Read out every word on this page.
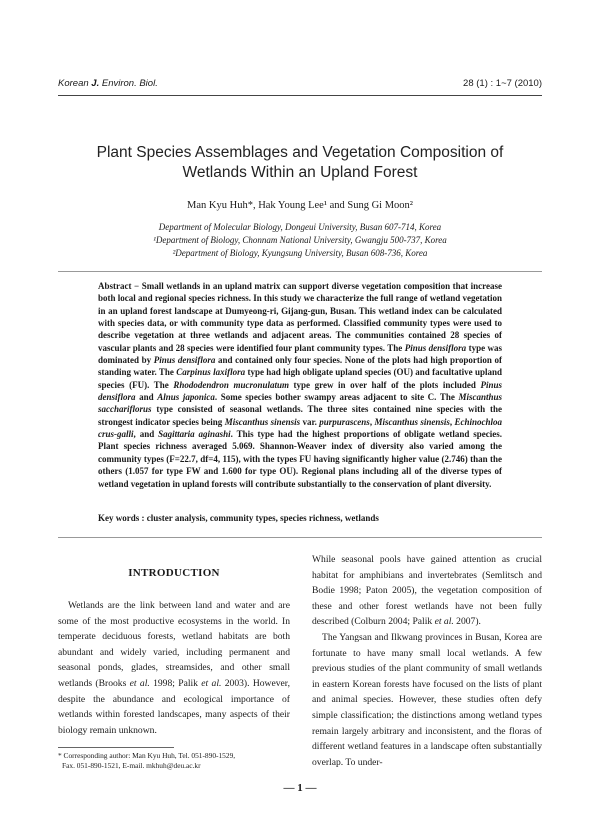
Korean J. Environ. Biol.	28 (1) : 1~7 (2010)
Plant Species Assemblages and Vegetation Composition of
Wetlands Within an Upland Forest
Man Kyu Huh*, Hak Young Lee¹ and Sung Gi Moon²
Department of Molecular Biology, Dongeui University, Busan 607-714, Korea
¹Department of Biology, Chonnam National University, Gwangju 500-737, Korea
²Department of Biology, Kyungsung University, Busan 608-736, Korea
Abstract − Small wetlands in an upland matrix can support diverse vegetation composition that increase both local and regional species richness. In this study we characterize the full range of wetland vegetation in an upland forest landscape at Dumyeong-ri, Gijang-gun, Busan. This wetland index can be calculated with species data, or with community type data as performed. Classified community types were used to describe vegetation at three wetlands and adjacent areas. The communities contained 28 species of vascular plants and 28 species were identified four plant community types. The Pinus densiflora type was dominated by Pinus densiflora and contained only four species. None of the plots had high proportion of standing water. The Carpinus laxiflora type had high obligate upland species (OU) and facultative upland species (FU). The Rhododendron mucronulatum type grew in over half of the plots included Pinus densiflora and Alnus japonica. Some species bother swampy areas adjacent to site C. The Miscanthus sacchariflorus type consisted of seasonal wetlands. The three sites contained nine species with the strongest indicator species being Miscanthus sinensis var. purpurascens, Miscanthus sinensis, Echinochloa crus-galli, and Sagittaria aginashi. This type had the highest proportions of obligate wetland species. Plant species richness averaged 5.069. Shannon-Weaver index of diversity also varied among the community types (F=22.7, df=4, 115), with the types FU having significantly higher value (2.746) than the others (1.057 for type FW and 1.600 for type OU). Regional plans including all of the diverse types of wetland vegetation in upland forests will contribute substantially to the conservation of plant diversity.
Key words : cluster analysis, community types, species richness, wetlands
INTRODUCTION
Wetlands are the link between land and water and are some of the most productive ecosystems in the world. In temperate deciduous forests, wetland habitats are both abundant and widely varied, including permanent and seasonal ponds, glades, streamsides, and other small wetlands (Brooks et al. 1998; Palik et al. 2003). However, despite the abundance and ecological importance of wetlands within forested landscapes, many aspects of their biology remain unknown.
* Corresponding author: Man Kyu Huh, Tel. 051-890-1529,
Fax. 051-890-1521, E-mail. mkhuh@deu.ac.kr
While seasonal pools have gained attention as crucial habitat for amphibians and invertebrates (Semlitsch and Bodie 1998; Paton 2005), the vegetation composition of these and other forest wetlands have not been fully described (Colburn 2004; Palik et al. 2007).
The Yangsan and Ilkwang provinces in Busan, Korea are fortunate to have many small local wetlands. A few previous studies of the plant community of small wetlands in eastern Korean forests have focused on the lists of plant and animal species. However, these studies often defy simple classification; the distinctions among wetland types remain largely arbitrary and inconsistent, and the floras of different wetland features in a landscape often substantially overlap. To under-
— 1 —
